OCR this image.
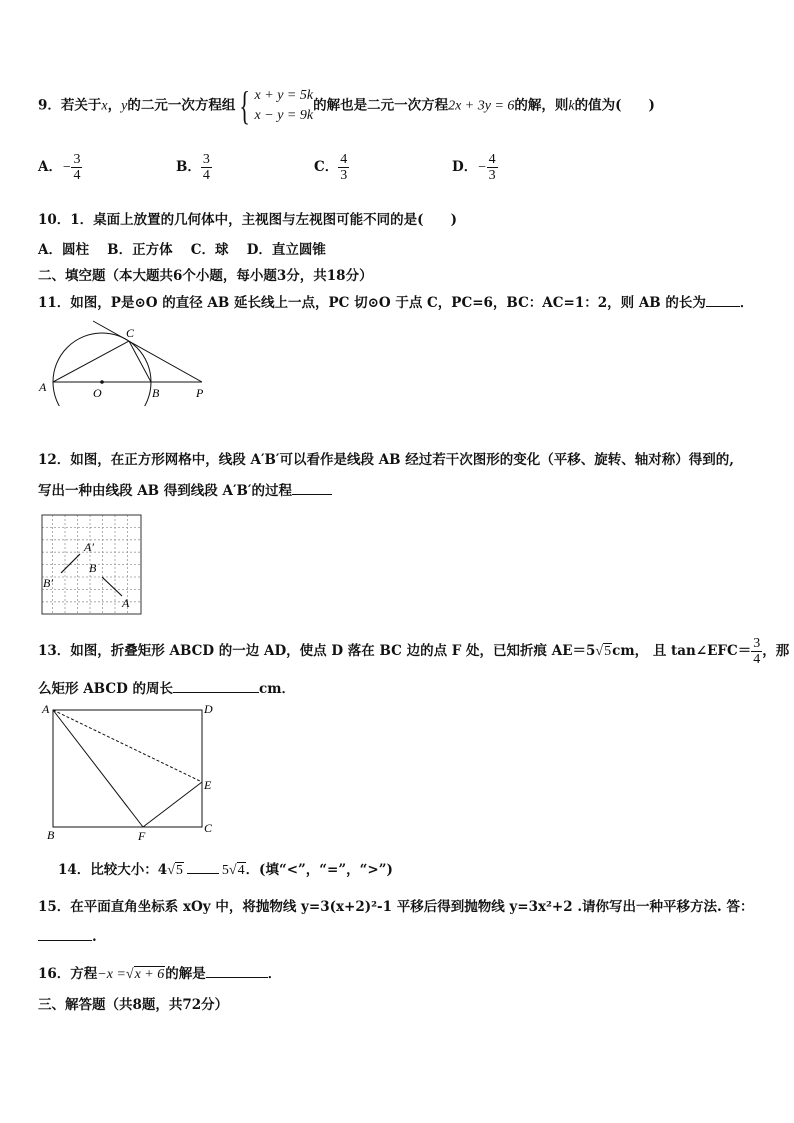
9．若关于x，y的二元一次方程组 { x + y = 5k
x − y = 9k的解也是二元一次方程2x + 3y = 6的解，则k的值为(　　)
A．− $\frac{3}{4}$	B． $\frac{3}{4}$	C． $\frac{4}{3}$	D．− $\frac{4}{3}$
10．1．桌面上放置的几何体中，主视图与左视图可能不同的是(　　)
A．圆柱　 B．正方体　 C．球　 D．直立圆锥
二、填空题（本大题共6个小题，每小题3分，共18分）
11．如图，P是⊙O 的直径 AB 延长线上一点，PC 切⊙O 于点 C，PC=6，BC：AC=1：2，则 AB 的长为	．
A	O	B	P
C
12．如图，在正方形网格中，线段 A′B′可以看作是线段 AB 经过若干次图形的变化（平移、旋转、轴对称）得到的,
写出一种由线段 AB 得到线段 A′B′的过程
A′
B′
B
A
13．如图，折叠矩形 ABCD 的一边 AD，使点 D 落在 BC 边的点 F 处，已知折痕 AE＝5√5cm， 且 tan∠EFC＝ $\frac{3}{4}$ ，那
么矩形 ABCD 的周长	cm．
A	D
E
B	F
C
14．比较大小：4√5	5√4．(填“<”，“=”，“>”)
15．在平面直角坐标系 xOy 中，将抛物线 y=3(x+2)²-1 平移后得到抛物线 y=3x²+2 .请你写出一种平移方法. 答：
.
16．方程−x =√x + 6的解是	．
三、解答题（共8题，共72分）
